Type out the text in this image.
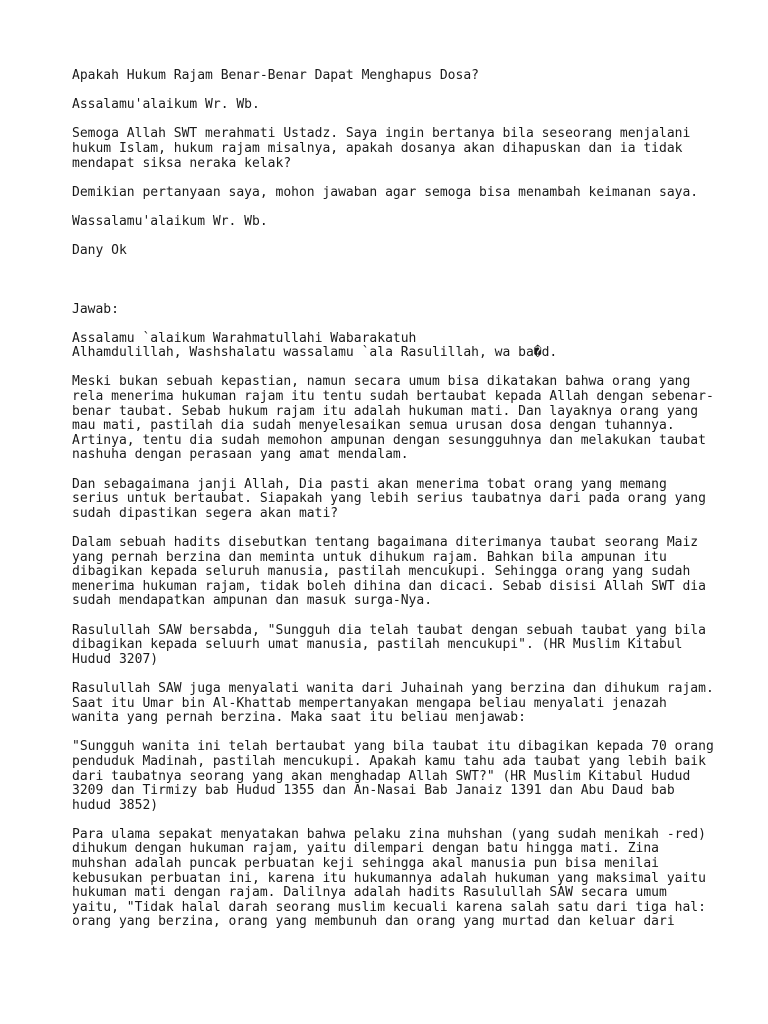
Apakah Hukum Rajam Benar-Benar Dapat Menghapus Dosa?
Assalamu'alaikum Wr. Wb.
Semoga Allah SWT merahmati Ustadz. Saya ingin bertanya bila seseorang menjalani
hukum Islam, hukum rajam misalnya, apakah dosanya akan dihapuskan dan ia tidak
mendapat siksa neraka kelak?
Demikian pertanyaan saya, mohon jawaban agar semoga bisa menambah keimanan saya.
Wassalamu'alaikum Wr. Wb.
Dany Ok
Jawab:
Assalamu `alaikum Warahmatullahi Wabarakatuh
Alhamdulillah, Washshalatu wassalamu `ala Rasulillah, wa ba�d.
Meski bukan sebuah kepastian, namun secara umum bisa dikatakan bahwa orang yang
rela menerima hukuman rajam itu tentu sudah bertaubat kepada Allah dengan sebenar-
benar taubat. Sebab hukum rajam itu adalah hukuman mati. Dan layaknya orang yang
mau mati, pastilah dia sudah menyelesaikan semua urusan dosa dengan tuhannya.
Artinya, tentu dia sudah memohon ampunan dengan sesungguhnya dan melakukan taubat
nashuha dengan perasaan yang amat mendalam.
Dan sebagaimana janji Allah, Dia pasti akan menerima tobat orang yang memang
serius untuk bertaubat. Siapakah yang lebih serius taubatnya dari pada orang yang
sudah dipastikan segera akan mati?
Dalam sebuah hadits disebutkan tentang bagaimana diterimanya taubat seorang Maiz
yang pernah berzina dan meminta untuk dihukum rajam. Bahkan bila ampunan itu
dibagikan kepada seluruh manusia, pastilah mencukupi. Sehingga orang yang sudah
menerima hukuman rajam, tidak boleh dihina dan dicaci. Sebab disisi Allah SWT dia
sudah mendapatkan ampunan dan masuk surga-Nya.
Rasulullah SAW bersabda, "Sungguh dia telah taubat dengan sebuah taubat yang bila
dibagikan kepada seluurh umat manusia, pastilah mencukupi". (HR Muslim Kitabul
Hudud 3207)
Rasulullah SAW juga menyalati wanita dari Juhainah yang berzina dan dihukum rajam.
Saat itu Umar bin Al-Khattab mempertanyakan mengapa beliau menyalati jenazah
wanita yang pernah berzina. Maka saat itu beliau menjawab:
"Sungguh wanita ini telah bertaubat yang bila taubat itu dibagikan kepada 70 orang
penduduk Madinah, pastilah mencukupi. Apakah kamu tahu ada taubat yang lebih baik
dari taubatnya seorang yang akan menghadap Allah SWT?" (HR Muslim Kitabul Hudud
3209 dan Tirmizy bab Hudud 1355 dan An-Nasai Bab Janaiz 1391 dan Abu Daud bab
hudud 3852)
Para ulama sepakat menyatakan bahwa pelaku zina muhshan (yang sudah menikah -red)
dihukum dengan hukuman rajam, yaitu dilempari dengan batu hingga mati. Zina
muhshan adalah puncak perbuatan keji sehingga akal manusia pun bisa menilai
kebusukan perbuatan ini, karena itu hukumannya adalah hukuman yang maksimal yaitu
hukuman mati dengan rajam. Dalilnya adalah hadits Rasulullah SAW secara umum
yaitu, "Tidak halal darah seorang muslim kecuali karena salah satu dari tiga hal:
orang yang berzina, orang yang membunuh dan orang yang murtad dan keluar dari
